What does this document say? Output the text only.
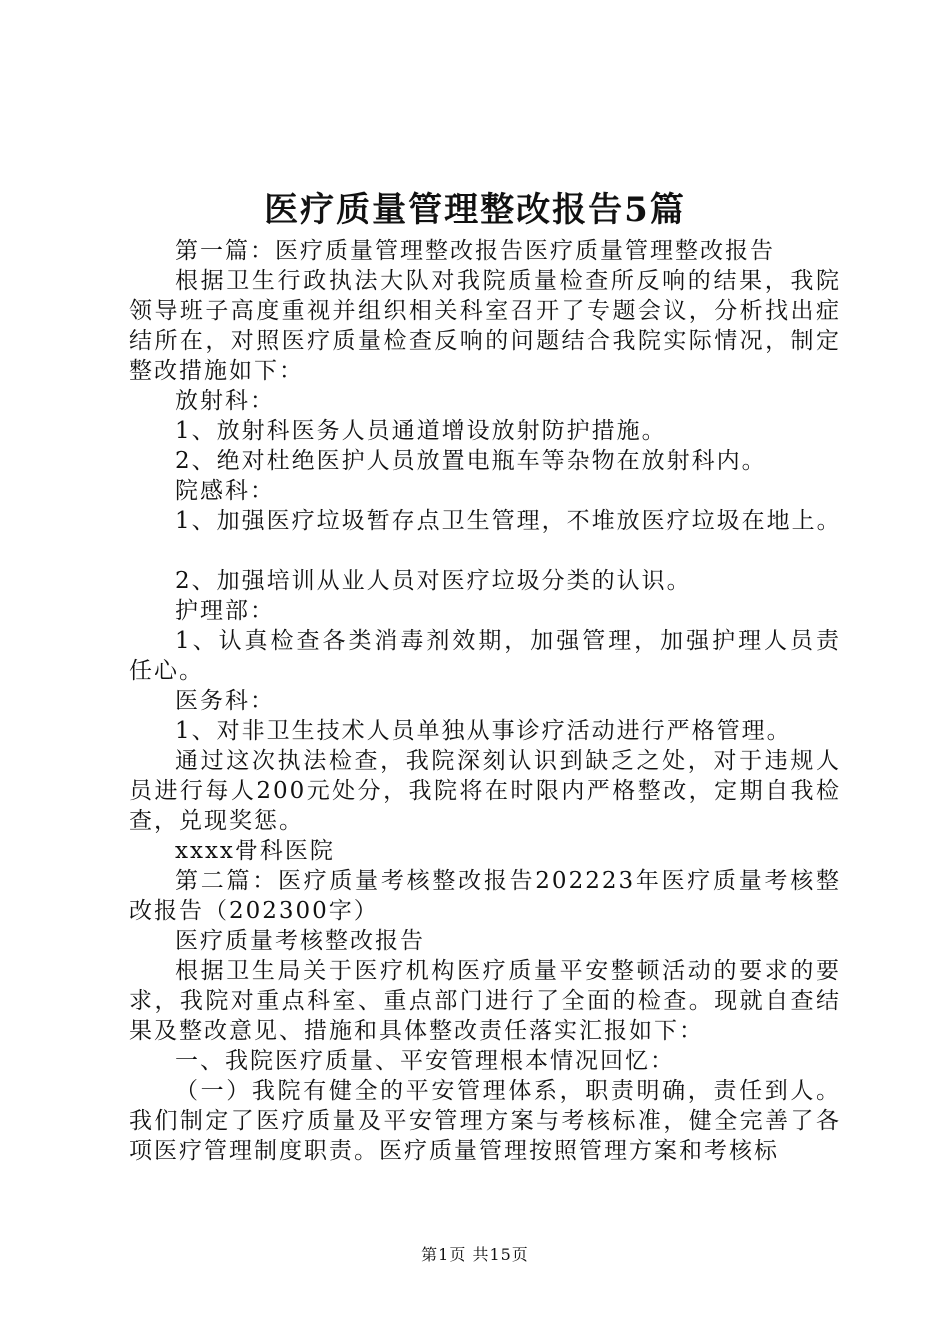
医疗质量管理整改报告5篇

第一篇：医疗质量管理整改报告医疗质量管理整改报告

根据卫生行政执法大队对我院质量检查所反响的结果，我院领导班子高度重视并组织相关科室召开了专题会议，分析找出症结所在，对照医疗质量检查反响的问题结合我院实际情况，制定整改措施如下：

放射科：

1、放射科医务人员通道增设放射防护措施。

2、绝对杜绝医护人员放置电瓶车等杂物在放射科内。

院感科：

1、加强医疗垃圾暂存点卫生管理，不堆放医疗垃圾在地上。

2、加强培训从业人员对医疗垃圾分类的认识。

护理部：

1、认真检查各类消毒剂效期，加强管理，加强护理人员责任心。

医务科：

1、对非卫生技术人员单独从事诊疗活动进行严格管理。

通过这次执法检查，我院深刻认识到缺乏之处，对于违规人员进行每人200元处分，我院将在时限内严格整改，定期自我检查，兑现奖惩。

xxxx骨科医院

第二篇：医疗质量考核整改报告202223年医疗质量考核整改报告（202300字）

医疗质量考核整改报告

根据卫生局关于医疗机构医疗质量平安整顿活动的要求的要求，我院对重点科室、重点部门进行了全面的检查。现就自查结果及整改意见、措施和具体整改责任落实汇报如下：

一、我院医疗质量、平安管理根本情况回忆：

（一）我院有健全的平安管理体系，职责明确，责任到人。我们制定了医疗质量及平安管理方案与考核标准，健全完善了各项医疗管理制度职责。医疗质量管理按照管理方案和考核标

第1页 共15页
